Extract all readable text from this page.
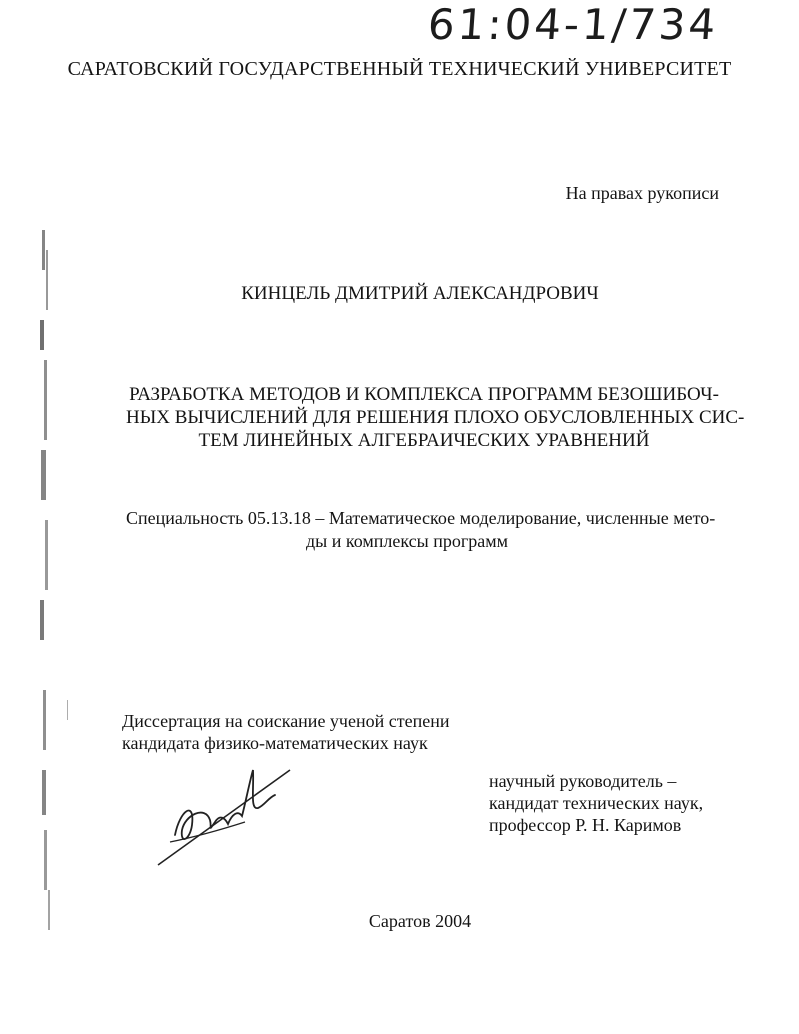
61:04-1/734
САРАТОВСКИЙ ГОСУДАРСТВЕННЫЙ ТЕХНИЧЕСКИЙ УНИВЕРСИТЕТ
На правах рукописи
КИНЦЕЛЬ ДМИТРИЙ АЛЕКСАНДРОВИЧ
РАЗРАБОТКА МЕТОДОВ И КОМПЛЕКСА ПРОГРАММ БЕЗОШИБОЧ-
НЫХ ВЫЧИСЛЕНИЙ ДЛЯ РЕШЕНИЯ ПЛОХО ОБУСЛОВЛЕННЫХ СИС-
ТЕМ ЛИНЕЙНЫХ АЛГЕБРАИЧЕСКИХ УРАВНЕНИЙ
Специальность 05.13.18 – Математическое моделирование, численные мето-
ды и комплексы программ
Диссертация на соискание ученой степени
кандидата физико-математических наук
научный руководитель –
кандидат технических наук,
профессор Р. Н. Каримов
Саратов 2004
